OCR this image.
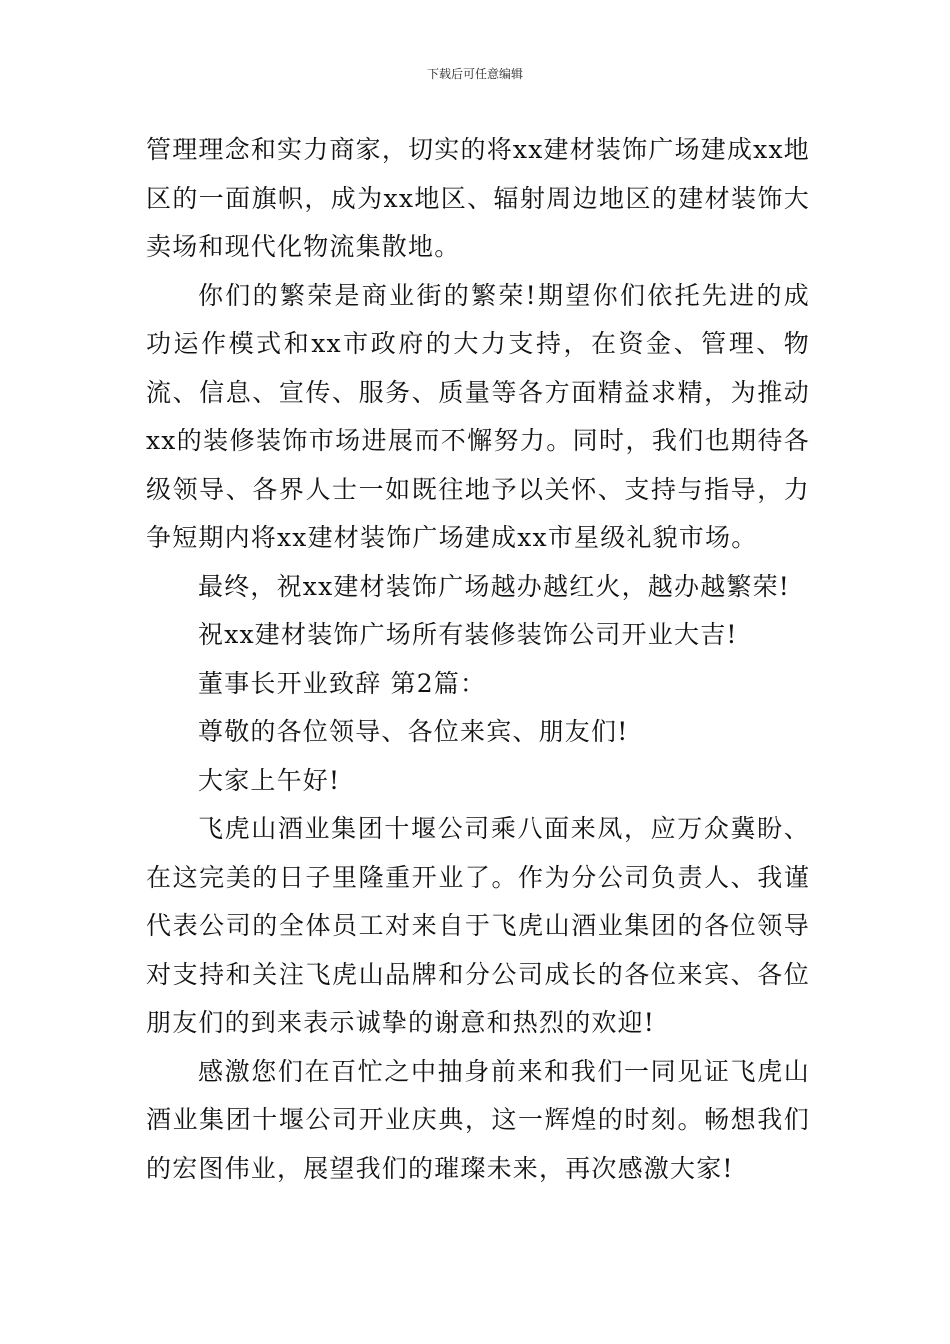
下载后可任意编辑

管理理念和实力商家，切实的将xx建材装饰广场建成xx地区的一面旗帜，成为xx地区、辐射周边地区的建材装饰大卖场和现代化物流集散地。

你们的繁荣是商业街的繁荣!期望你们依托先进的成功运作模式和xx市政府的大力支持，在资金、管理、物流、信息、宣传、服务、质量等各方面精益求精，为推动xx的装修装饰市场进展而不懈努力。同时，我们也期待各级领导、各界人士一如既往地予以关怀、支持与指导，力争短期内将xx建材装饰广场建成xx市星级礼貌市场。

最终，祝xx建材装饰广场越办越红火，越办越繁荣!

祝xx建材装饰广场所有装修装饰公司开业大吉!

董事长开业致辞 第2篇：

尊敬的各位领导、各位来宾、朋友们!

大家上午好!

飞虎山酒业集团十堰公司乘八面来凤，应万众冀盼、在这完美的日子里隆重开业了。作为分公司负责人、我谨代表公司的全体员工对来自于飞虎山酒业集团的各位领导对支持和关注飞虎山品牌和分公司成长的各位来宾、各位朋友们的到来表示诚挚的谢意和热烈的欢迎!

感激您们在百忙之中抽身前来和我们一同见证飞虎山酒业集团十堰公司开业庆典，这一辉煌的时刻。畅想我们的宏图伟业，展望我们的璀璨未来，再次感激大家!
